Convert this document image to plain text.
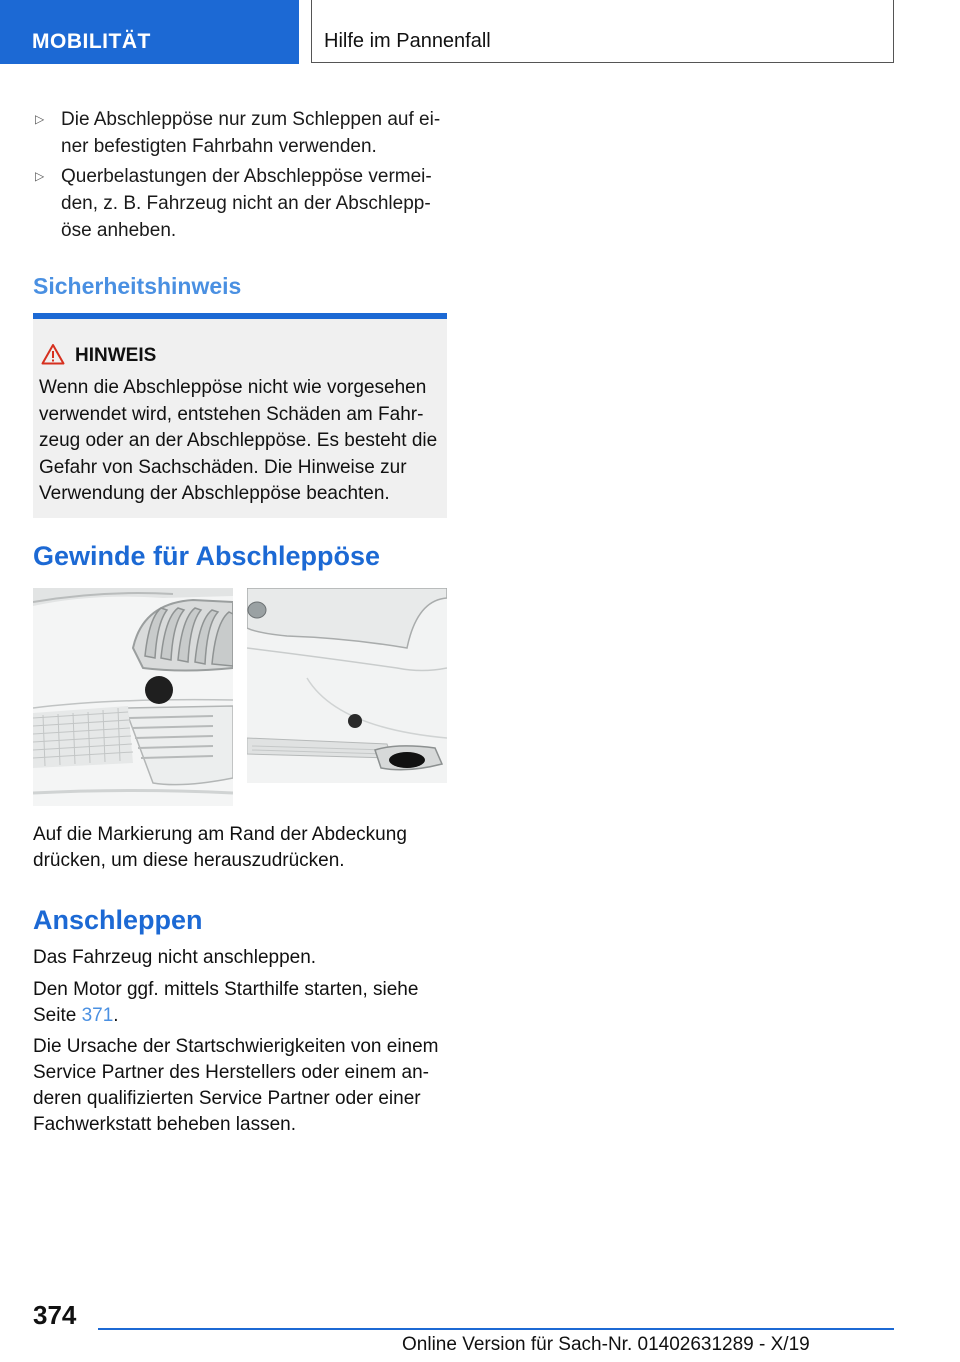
MOBILITÄT	Hilfe im Pannenfall
▷ Die Abschleppöse nur zum Schleppen auf ei-
ner befestigten Fahrbahn verwenden.
▷ Querbelastungen der Abschleppöse vermei-
den, z. B. Fahrzeug nicht an der Abschlepp-
öse anheben.
Sicherheitshinweis
HINWEIS
Wenn die Abschleppöse nicht wie vorgesehen
verwendet wird, entstehen Schäden am Fahr-
zeug oder an der Abschleppöse. Es besteht die
Gefahr von Sachschäden. Die Hinweise zur
Verwendung der Abschleppöse beachten.
Gewinde für Abschleppöse
Auf die Markierung am Rand der Abdeckung
drücken, um diese herauszudrücken.
Anschleppen
Das Fahrzeug nicht anschleppen.
Den Motor ggf. mittels Starthilfe starten, siehe
Seite 371.
Die Ursache der Startschwierigkeiten von einem
Service Partner des Herstellers oder einem an-
deren qualifizierten Service Partner oder einer
Fachwerkstatt beheben lassen.
374
Online Version für Sach-Nr. 01402631289 - X/19
